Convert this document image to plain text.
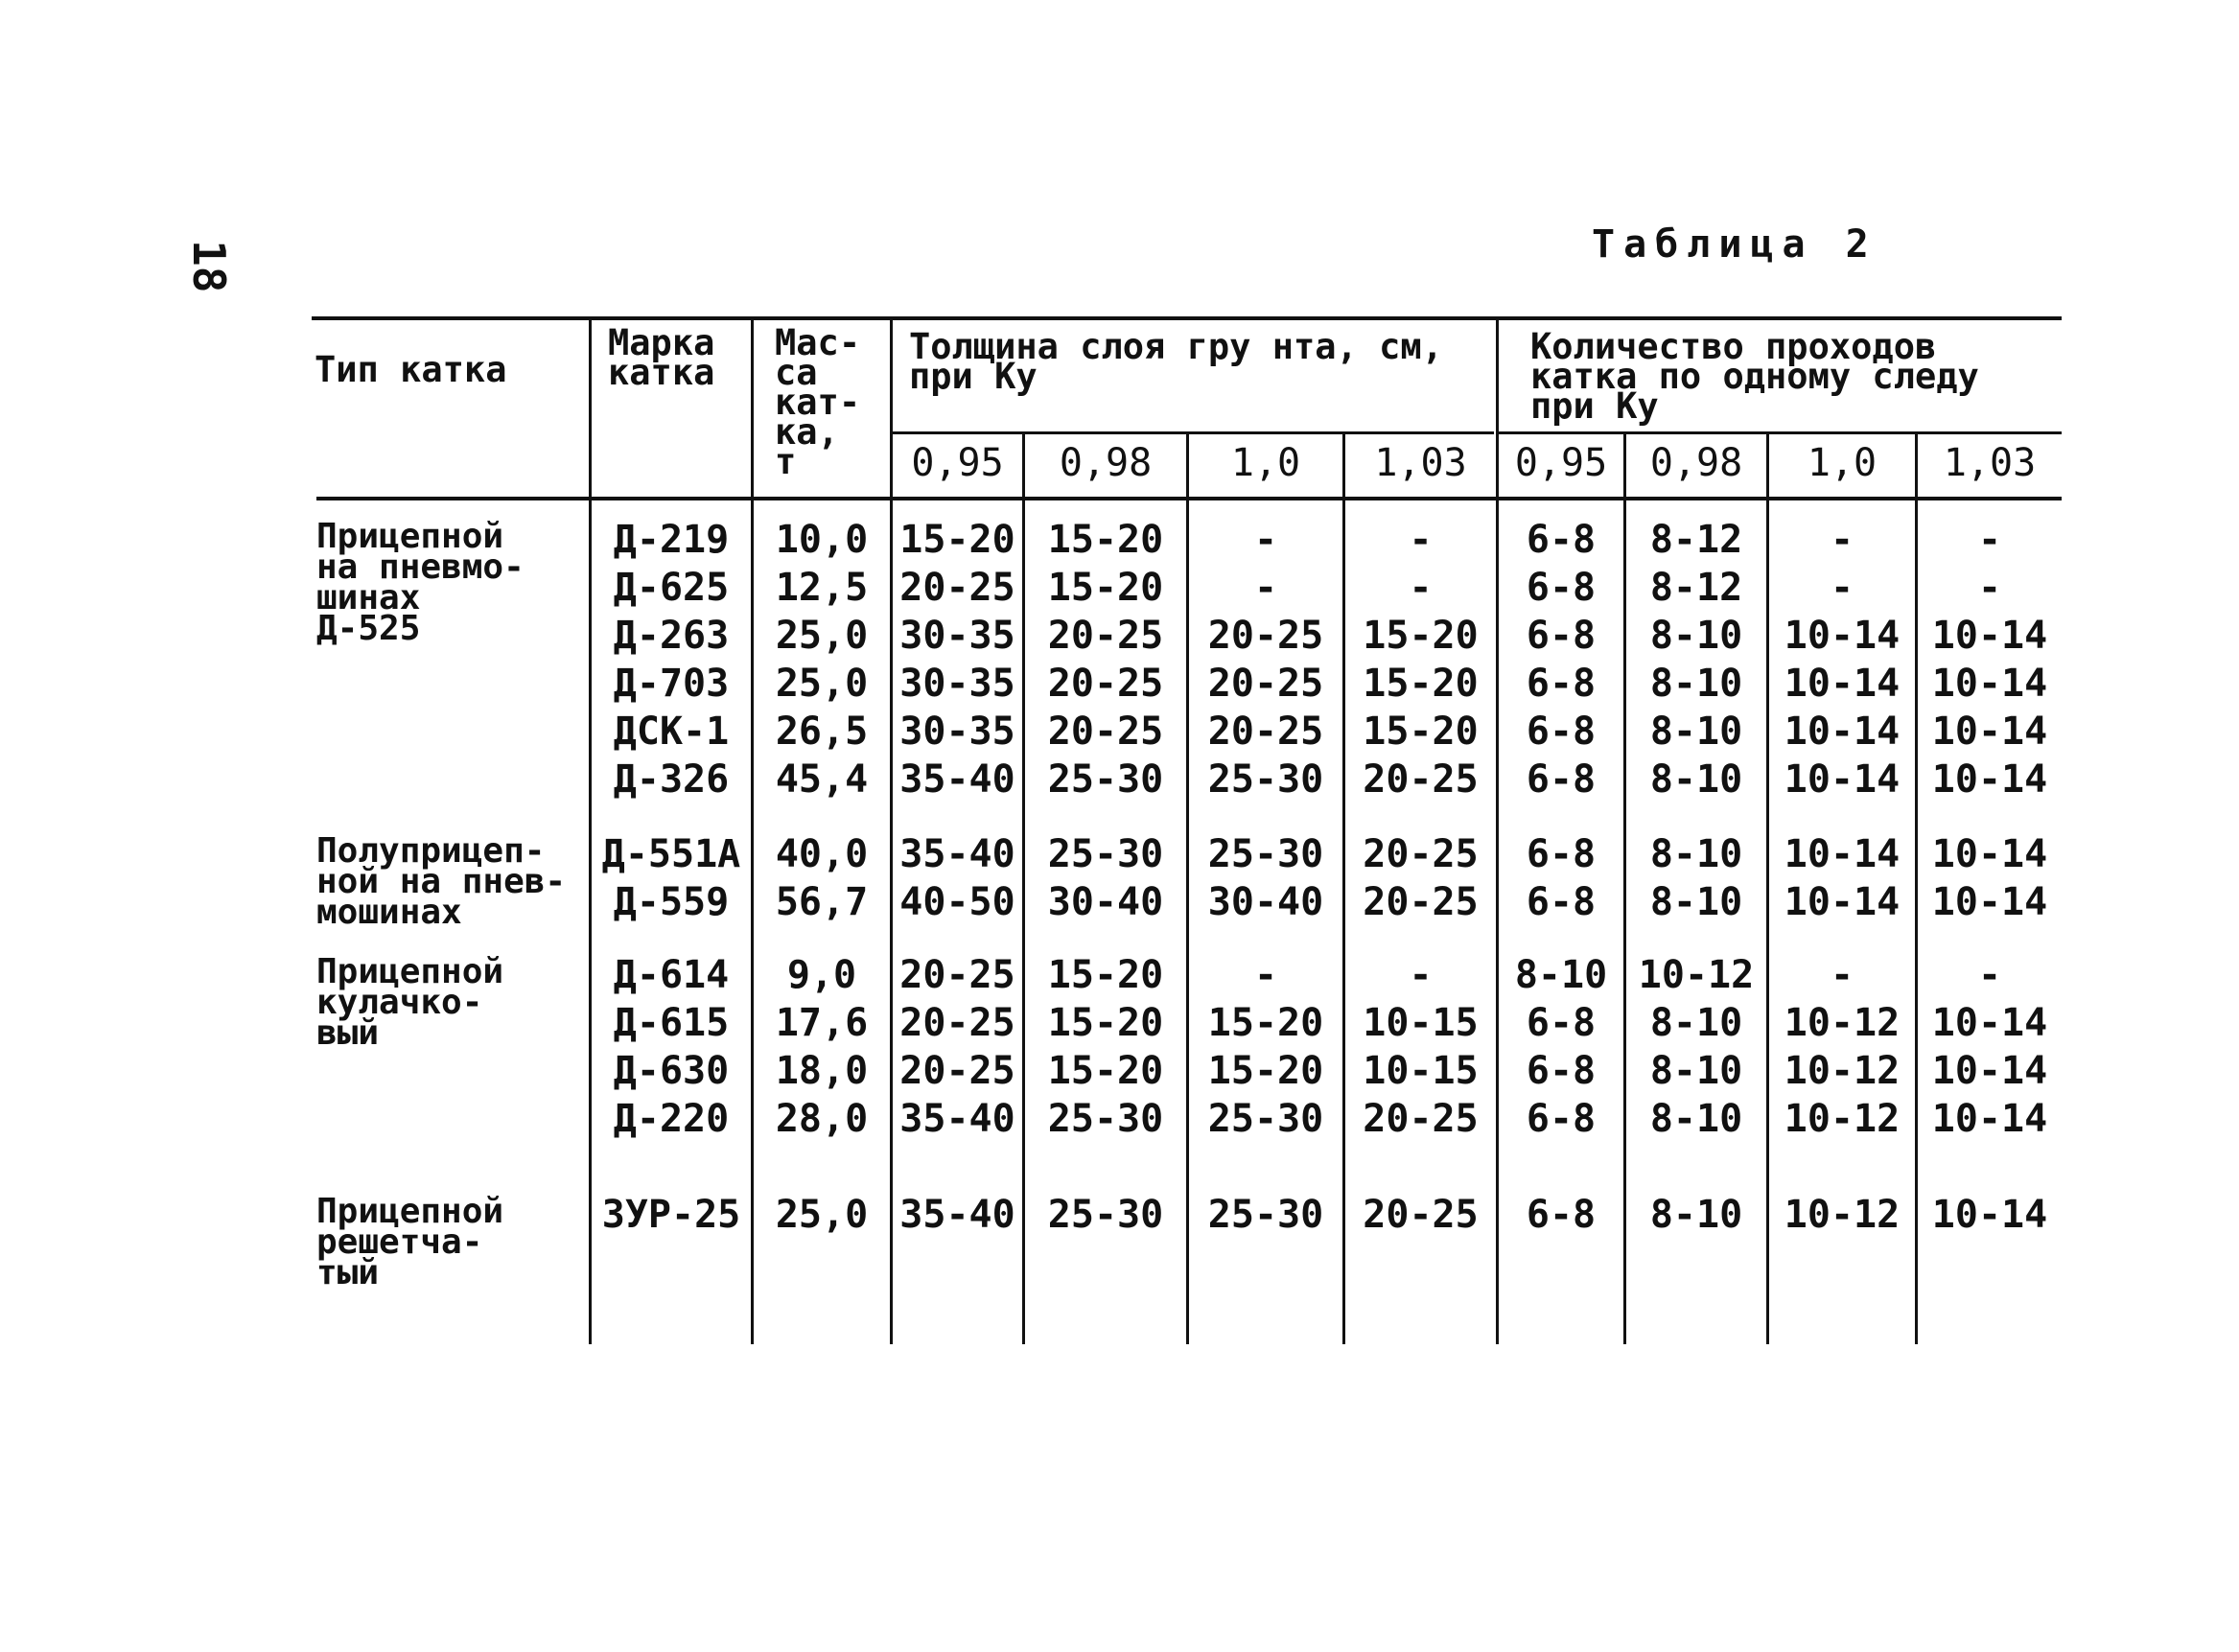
18	Таблица 2
Тип катка
Марка
катка
Мас-
са
кат-
ка,
т
Толщина слоя гру нта, см,
при Ку
Количество проходов
катка по одному следу
при Ку
0,95	0,98	1,0	1,03	0,95	0,98	1,0	1,03
Прицепной
на пневмо-
шинах
Д-525
Д-219	10,0 15-20 15-20	-	-	6-8	8-12	-	-
Д-625	12,5 20-25 15-20	-	-	6-8	8-12	-	-
Д-263	25,0 30-35 20-25	20-25	15-20	6-8	8-10	10-14 10-14
Д-703	25,0 30-35 20-25	20-25	15-20	6-8	8-10	10-14 10-14
ДСК-1	26,5 30-35 20-25	20-25	15-20	6-8	8-10	10-14 10-14
Д-326	45,4 35-40 25-30	25-30	20-25	6-8	8-10	10-14 10-14
Полуприцеп-
ной на пнев-
мошинах
Д-551А 40,0 35-40 25-30	25-30	20-25	6-8	8-10	10-14 10-14
Д-559	56,7 40-50 30-40	30-40	20-25	6-8	8-10	10-14 10-14
Прицепной
кулачко-
вый
Д-614	9,0	20-25 15-20	-	-	8-10 10-12	-	-
Д-615	17,6 20-25 15-20	15-20	10-15	6-8	8-10	10-12 10-14
Д-630	18,0 20-25 15-20	15-20	10-15	6-8	8-10	10-12 10-14
Д-220	28,0 35-40 25-30	25-30	20-25	6-8	8-10	10-12 10-14
Прицепной
решетча-
тый
ЗУР-25 25,0 35-40 25-30	25-30	20-25	6-8	8-10	10-12 10-14
